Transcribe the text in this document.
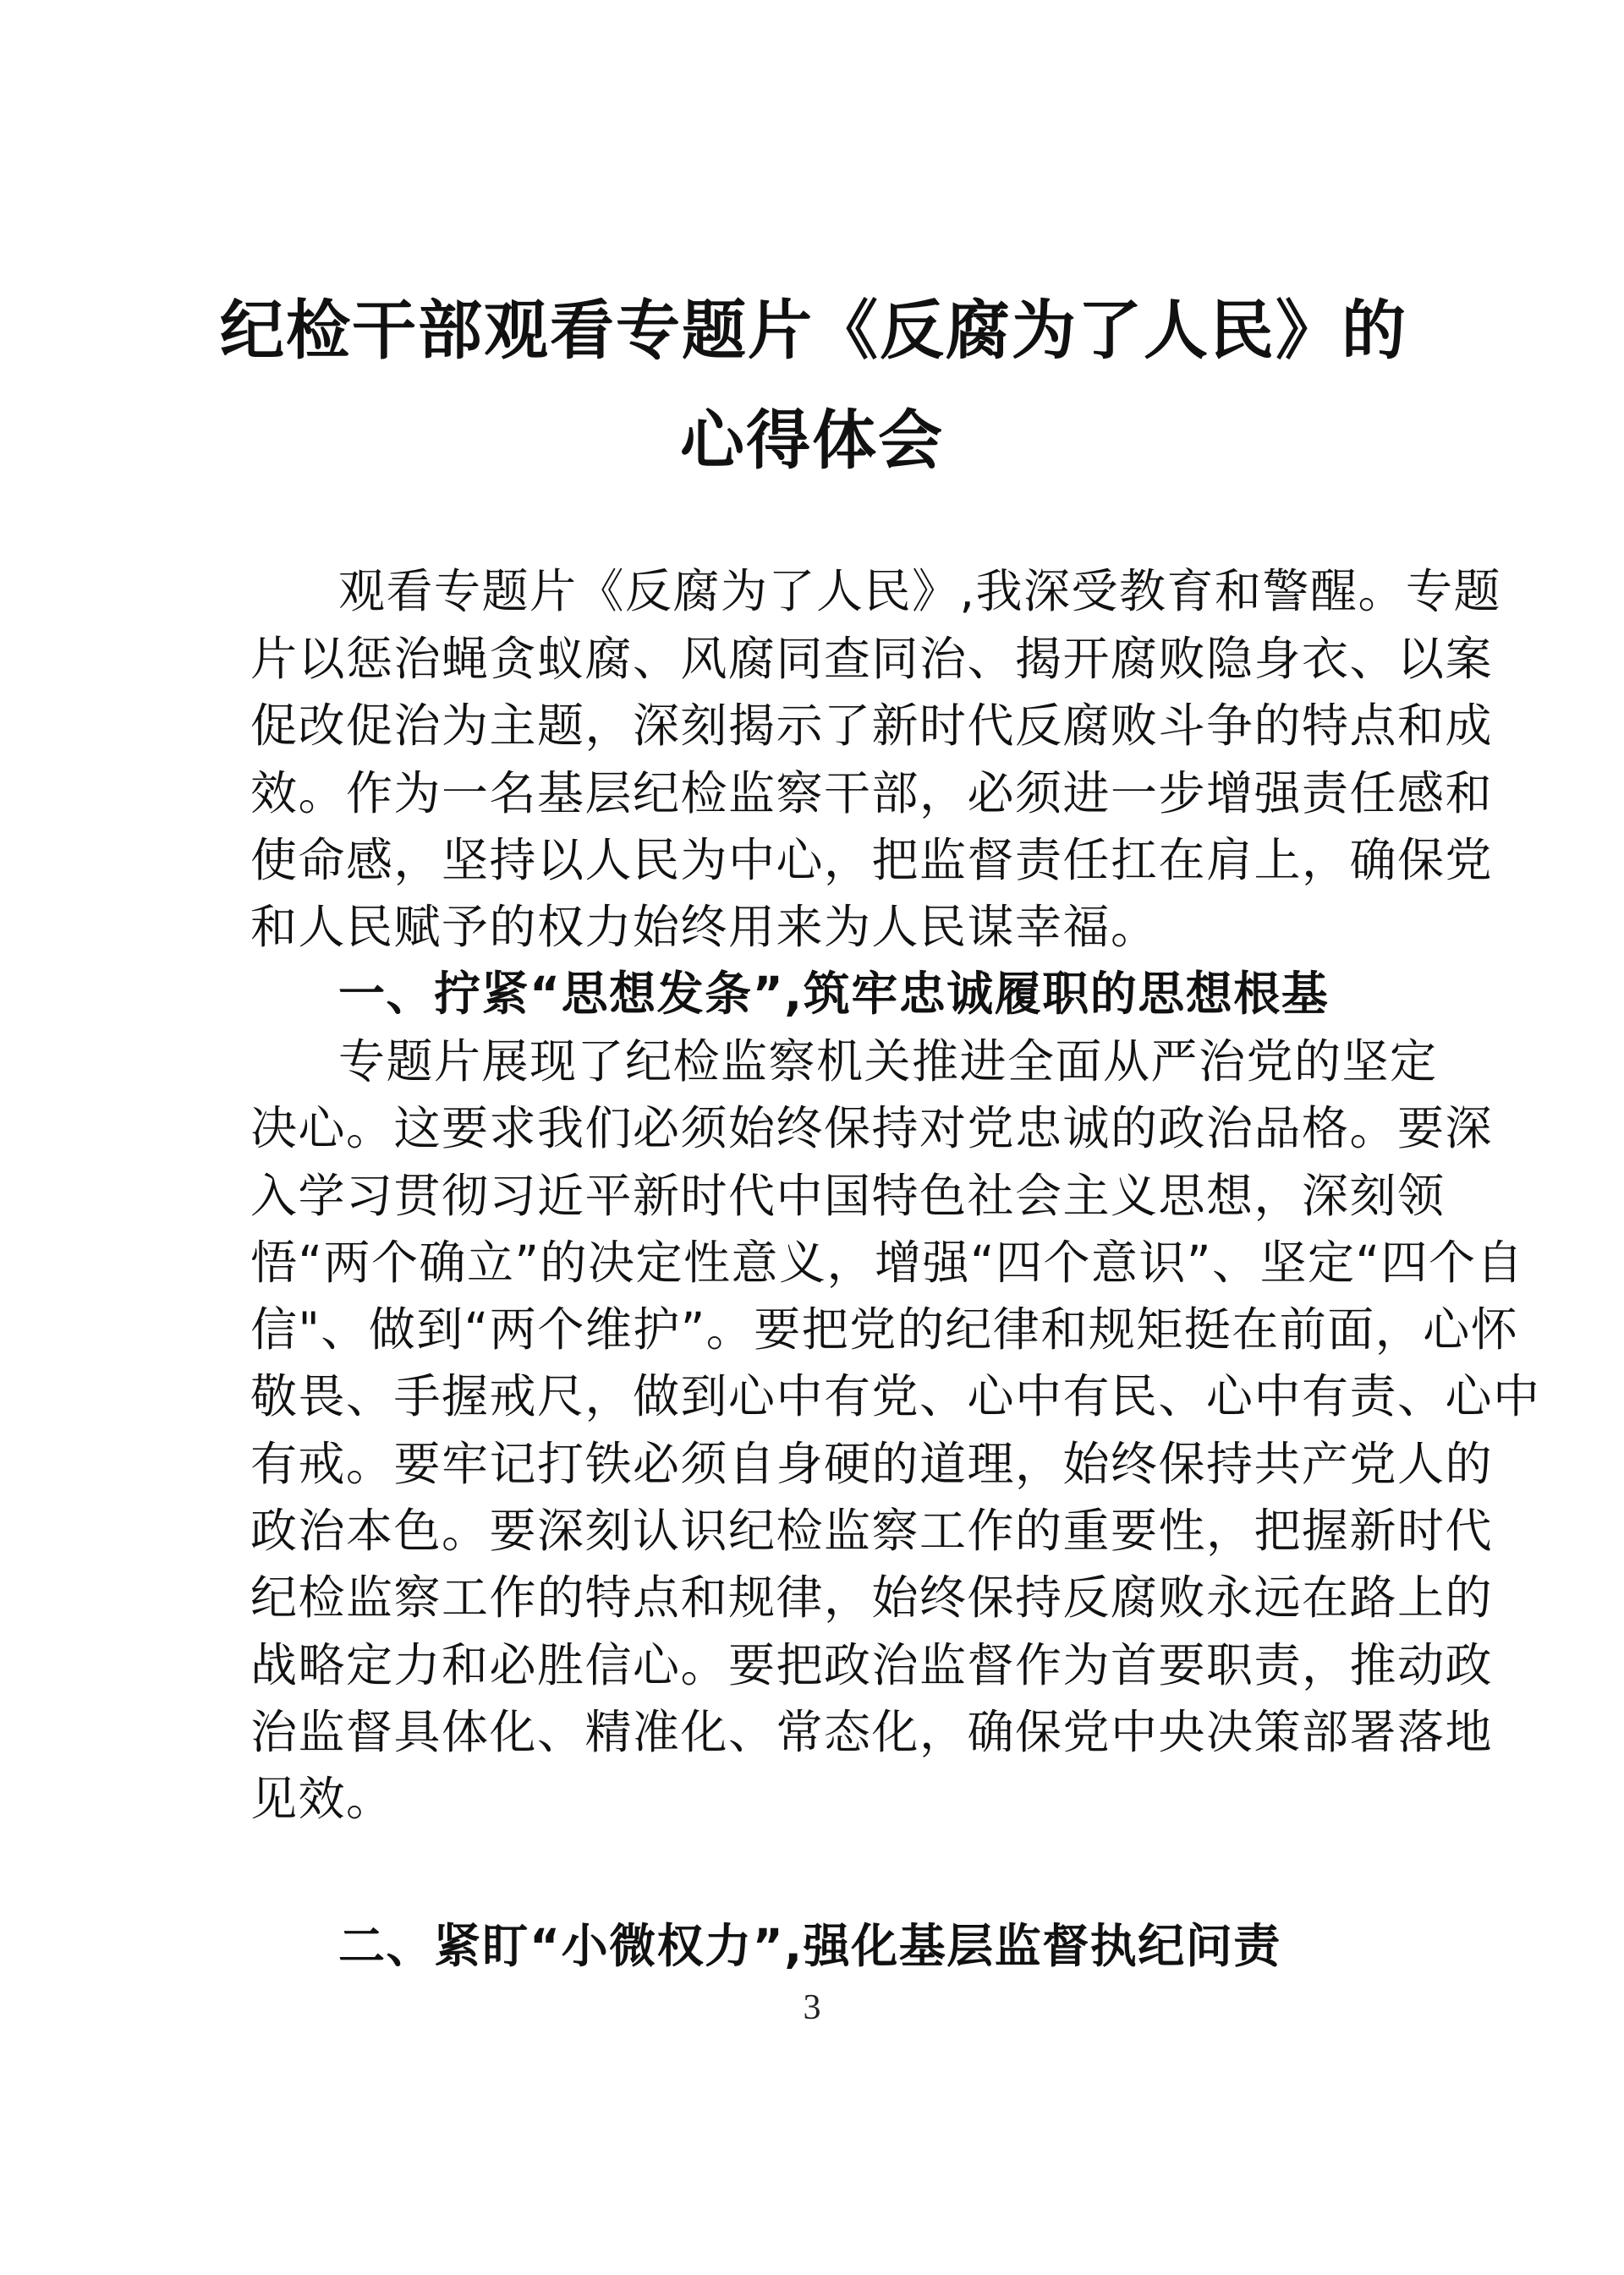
纪检干部观看专题片《反腐为了人民》的
心得体会
观看专题片《反腐为了人民》,我深受教育和警醒。专题
片以惩治蝇贪蚁腐、风腐同查同治、揭开腐败隐身衣、以案
促改促治为主题，深刻揭示了新时代反腐败斗争的特点和成
效。作为一名基层纪检监察干部，必须进一步增强责任感和
使命感，坚持以人民为中心，把监督责任扛在肩上，确保党
和人民赋予的权力始终用来为人民谋幸福。
一、拧紧“思想发条”,筑牢忠诚履职的思想根基
专题片展现了纪检监察机关推进全面从严治党的坚定
决心。这要求我们必须始终保持对党忠诚的政治品格。要深
入学习贯彻习近平新时代中国特色社会主义思想，深刻领
悟“两个确立”的决定性意义，增强“四个意识”、坚定“四个自
信"、做到“两个维护”。要把党的纪律和规矩挺在前面，心怀
敬畏、手握戒尺，做到心中有党、心中有民、心中有责、心中
有戒。要牢记打铁必须自身硬的道理，始终保持共产党人的
政治本色。要深刻认识纪检监察工作的重要性，把握新时代
纪检监察工作的特点和规律，始终保持反腐败永远在路上的
战略定力和必胜信心。要把政治监督作为首要职责，推动政
治监督具体化、精准化、常态化，确保党中央决策部署落地
见效。
二、紧盯“小微权力”,强化基层监督执纪问责
3
